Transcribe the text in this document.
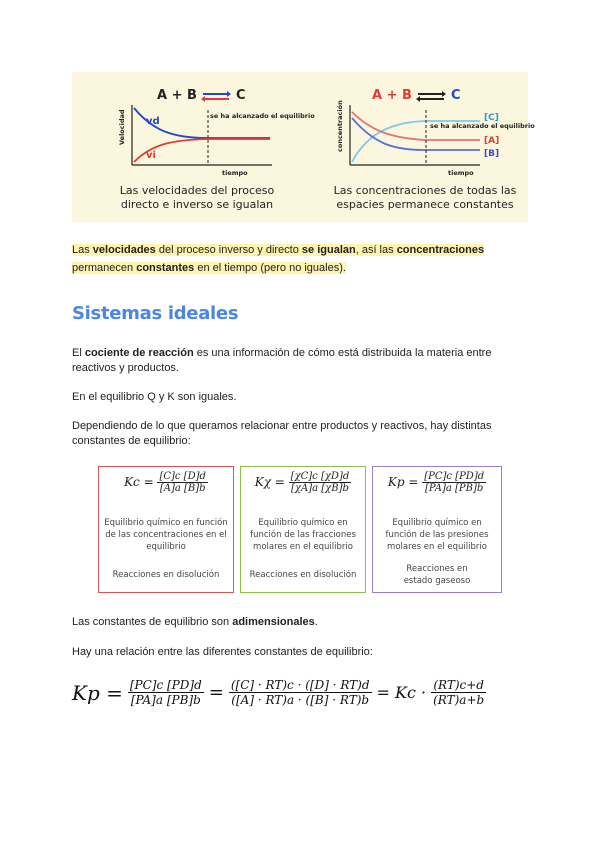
A + B ⇌ C
Velocidad vd
vi
se ha alcanzado el equilibrio
tiempo
Las velocidades del proceso
directo e inverso se igualan
A + B ⇌ C
concentración	se ha alcanzado el equilibrio
[C]
[A]
[B]
tiempo
Las concentraciones de todas las
espacies permanece constantes
Las velocidades del proceso inverso y directo se igualan, así las concentraciones
permanecen constantes en el tiempo (pero no iguales).
Sistemas ideales
El cociente de reacción es una información de cómo está distribuida la materia entre
reactivos y productos.
En el equilibrio Q y K son iguales.
Dependiendo de lo que queramos relacionar entre productos y reactivos, hay distintas
constantes de equilibrio:
$Kc = \frac{[C]c [D]d}{[A]a [B]b}$
Equilibrio químico en función
de las concentraciones en el
equilibrio
Reacciones en disolución
$K\chi = \frac{[\chi C]c [\chi D]d}{[\chi A]a [\chi B]b}$
Equilibrio químico en
función de las fracciones
molares en el equilibrio
Reacciones en disolución
$Kp = \frac{[PC]c [PD]d}{[PA]a [PB]b}$
Equilibrio químico en
función de las presiones
molares en el equilibrio
Reacciones en
estado gaseoso
Las constantes de equilibrio son adimensionales.
Hay una relación entre las diferentes constantes de equilibrio:
$Kp = \frac{[PC]c [PD]d}{[PA]a [PB]b} = \frac{([C] \cdot RT)c \cdot ([D] \cdot RT)d}{([A] \cdot RT)a \cdot ([B] \cdot RT)b} = Kc \cdot \frac{(RT)c+d}{(RT)a+b}$
